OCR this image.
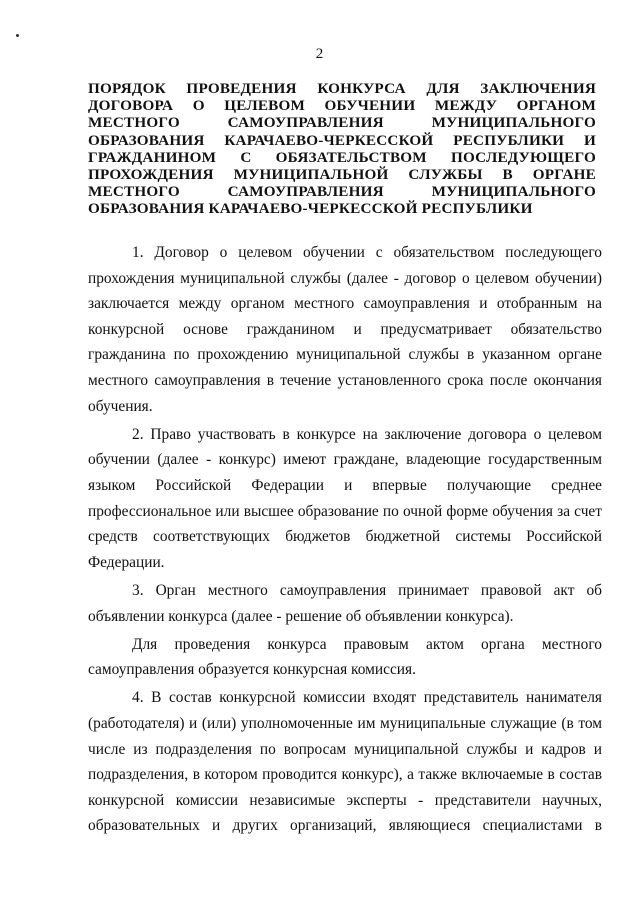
2
ПОРЯДОК ПРОВЕДЕНИЯ КОНКУРСА ДЛЯ ЗАКЛЮЧЕНИЯ
ДОГОВОРА О ЦЕЛЕВОМ ОБУЧЕНИИ МЕЖДУ ОРГАНОМ
МЕСТНОГО САМОУПРАВЛЕНИЯ МУНИЦИПАЛЬНОГО
ОБРАЗОВАНИЯ КАРАЧАЕВО-ЧЕРКЕССКОЙ РЕСПУБЛИКИ И
ГРАЖДАНИНОМ С ОБЯЗАТЕЛЬСТВОМ ПОСЛЕДУЮЩЕГО
ПРОХОЖДЕНИЯ МУНИЦИПАЛЬНОЙ СЛУЖБЫ В ОРГАНЕ
МЕСТНОГО САМОУПРАВЛЕНИЯ МУНИЦИПАЛЬНОГО
ОБРАЗОВАНИЯ КАРАЧАЕВО-ЧЕРКЕССКОЙ РЕСПУБЛИКИ
1. Договор о целевом обучении с обязательством последующего
прохождения муниципальной службы (далее - договор о целевом обучении)
заключается между органом местного самоуправления и отобранным на
конкурсной основе гражданином и предусматривает обязательство
гражданина по прохождению муниципальной службы в указанном органе
местного самоуправления в течение установленного срока после окончания
обучения.
2. Право участвовать в конкурсе на заключение договора о целевом
обучении (далее - конкурс) имеют граждане, владеющие государственным
языком Российской Федерации и впервые получающие среднее
профессиональное или высшее образование по очной форме обучения за счет
средств соответствующих бюджетов бюджетной системы Российской
Федерации.
3. Орган местного самоуправления принимает правовой акт об
объявлении конкурса (далее - решение об объявлении конкурса).
Для проведения конкурса правовым актом органа местного
самоуправления образуется конкурсная комиссия.
4. В состав конкурсной комиссии входят представитель нанимателя
(работодателя) и (или) уполномоченные им муниципальные служащие (в том
числе из подразделения по вопросам муниципальной службы и кадров и
подразделения, в котором проводится конкурс), а также включаемые в состав
конкурсной комиссии независимые эксперты - представители научных,
образовательных и других организаций, являющиеся специалистами в
